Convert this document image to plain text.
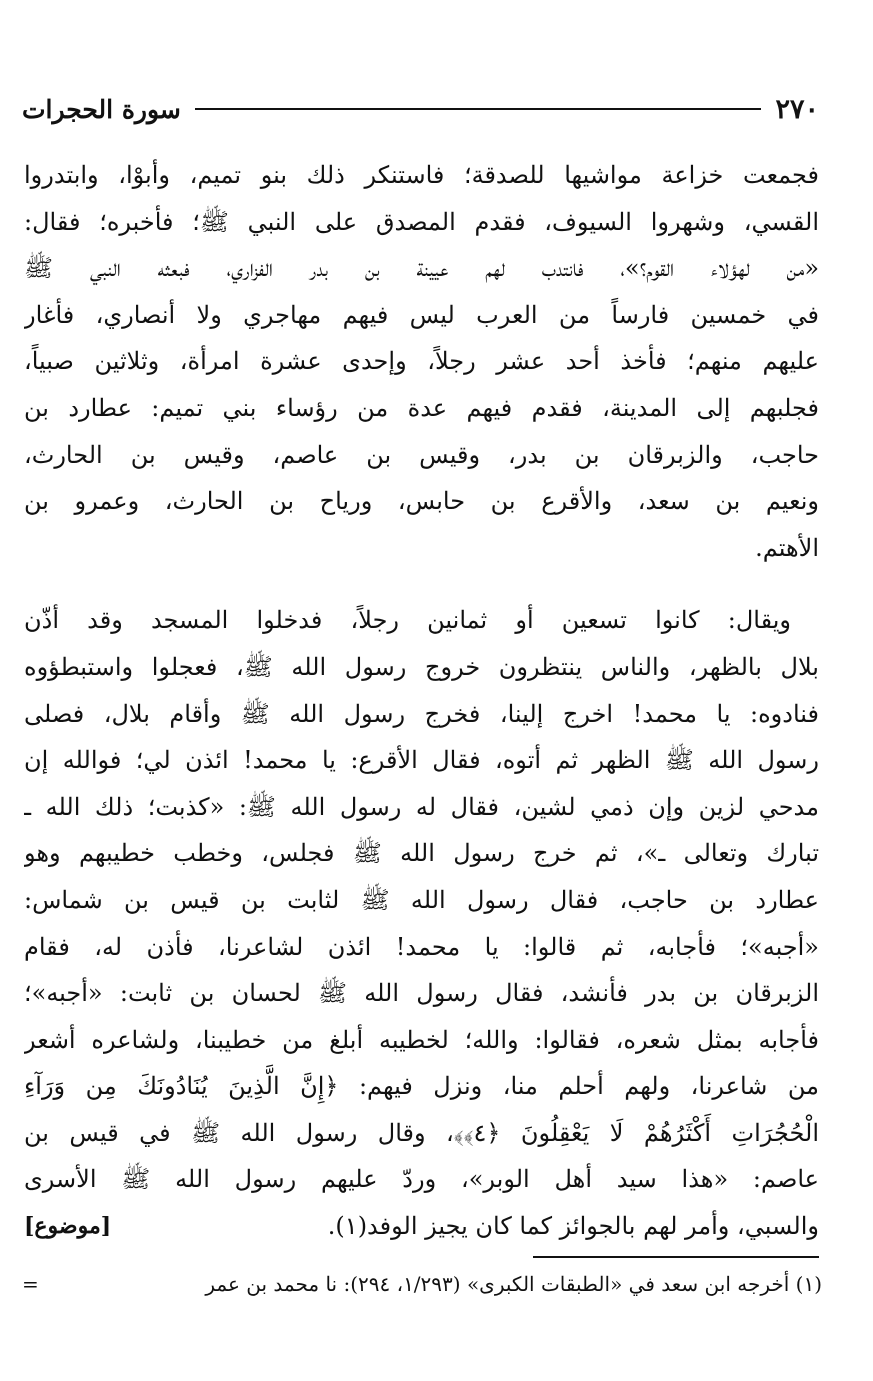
٢٧٠
سورة الحجرات
فجمعت خزاعة مواشيها للصدقة؛ فاستنكر ذلك بنو تميم، وأبوْا، وابتدروا
القسي، وشهروا السيوف، فقدم المصدق على النبي ﷺ؛ فأخبره؛ فقال:
«من لهؤلاء القوم؟»، فانتدب لهم عيينة بن بدر الفزاري، فبعثه النبي ﷺ
في خمسين فارساً من العرب ليس فيهم مهاجري ولا أنصاري، فأغار
عليهم منهم؛ فأخذ أحد عشر رجلاً، وإحدى عشرة امرأة، وثلاثين صبياً،
فجلبهم إلى المدينة، فقدم فيهم عدة من رؤساء بني تميم: عطارد بن
حاجب، والزبرقان بن بدر، وقيس بن عاصم، وقيس بن الحارث،
ونعيم بن سعد، والأقرع بن حابس، ورياح بن الحارث، وعمرو بن
الأهتم.
ويقال: كانوا تسعين أو ثمانين رجلاً، فدخلوا المسجد وقد أذّن
بلال بالظهر، والناس ينتظرون خروج رسول الله ﷺ، فعجلوا واستبطؤوه
فنادوه: يا محمد! اخرج إلينا، فخرج رسول الله ﷺ وأقام بلال، فصلى
رسول الله ﷺ الظهر ثم أتوه، فقال الأقرع: يا محمد! ائذن لي؛ فوالله إن
مدحي لزين وإن ذمي لشين، فقال له رسول الله ﷺ: «كذبت؛ ذلك الله ـ
تبارك وتعالى ـ»، ثم خرج رسول الله ﷺ فجلس، وخطب خطيبهم وهو
عطارد بن حاجب، فقال رسول الله ﷺ لثابت بن قيس بن شماس:
«أجبه»؛ فأجابه، ثم قالوا: يا محمد! ائذن لشاعرنا، فأذن له، فقام
الزبرقان بن بدر فأنشد، فقال رسول الله ﷺ لحسان بن ثابت: «أجبه»؛
فأجابه بمثل شعره، فقالوا: والله؛ لخطيبه أبلغ من خطيبنا، ولشاعره أشعر
من شاعرنا، ولهم أحلم منا، ونزل فيهم: ﴿إِنَّ الَّذِينَ يُنَادُونَكَ مِن وَرَآءِ
الْحُجُرَاتِ أَكْثَرُهُمْ لَا يَعْقِلُونَ ﴿٤﴾﴾، وقال رسول الله ﷺ في قيس بن
عاصم: «هذا سيد أهل الوبر»، وردّ عليهم رسول الله ﷺ الأسرى
والسبي، وأمر لهم بالجوائز كما كان يجيز الوفد(١).
[موضوع]
(١) أخرجه ابن سعد في «الطبقات الكبرى» (١/٢٩٣، ٢٩٤): نا محمد بن عمر
=
